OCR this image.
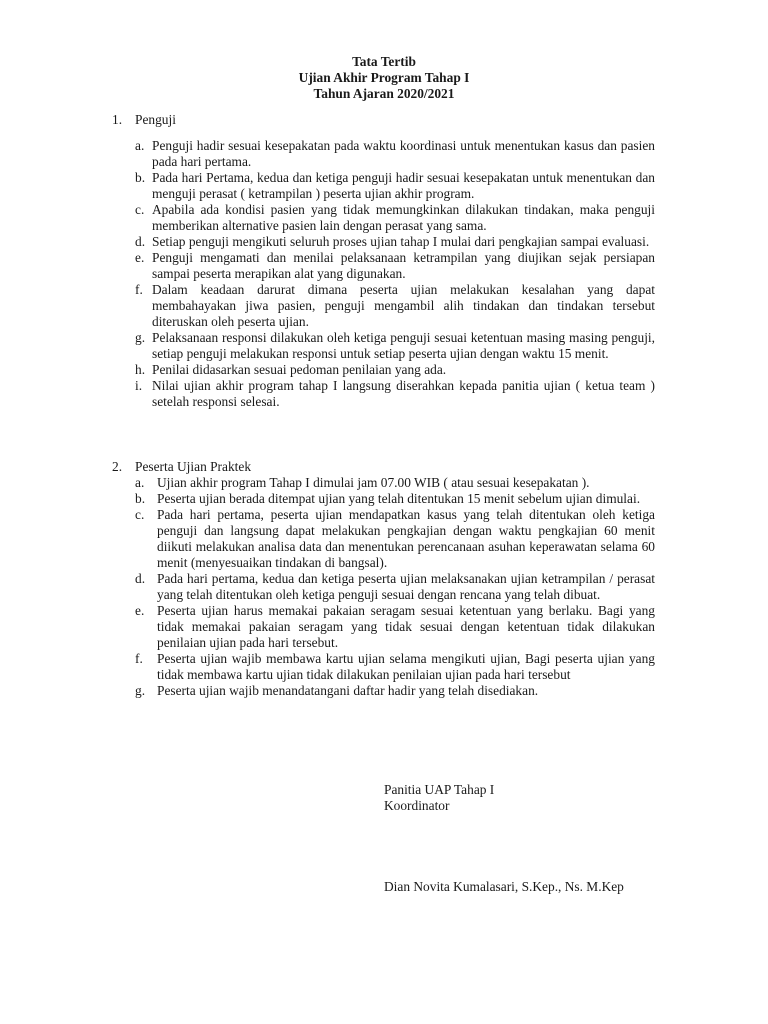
Tata Tertib
Ujian Akhir Program Tahap I
Tahun Ajaran 2020/2021
1. Penguji
a. Penguji hadir sesuai kesepakatan pada waktu koordinasi untuk menentukan kasus dan pasien pada hari pertama.
b. Pada hari Pertama, kedua dan ketiga penguji hadir sesuai kesepakatan untuk menentukan dan menguji perasat ( ketrampilan ) peserta ujian akhir program.
c. Apabila ada kondisi pasien yang tidak memungkinkan dilakukan tindakan, maka penguji memberikan alternative pasien lain dengan perasat yang sama.
d. Setiap penguji mengikuti seluruh proses ujian tahap I mulai dari pengkajian sampai evaluasi.
e. Penguji mengamati dan menilai pelaksanaan ketrampilan yang diujikan sejak persiapan sampai peserta merapikan alat yang digunakan.
f. Dalam keadaan darurat dimana peserta ujian melakukan kesalahan yang dapat membahayakan jiwa pasien, penguji mengambil alih tindakan dan tindakan tersebut diteruskan oleh peserta ujian.
g. Pelaksanaan responsi dilakukan oleh ketiga penguji sesuai ketentuan masing masing penguji, setiap penguji melakukan responsi untuk setiap peserta ujian dengan waktu 15 menit.
h. Penilai didasarkan sesuai pedoman penilaian yang ada.
i. Nilai ujian akhir program tahap I langsung diserahkan kepada panitia ujian ( ketua team ) setelah responsi selesai.
2. Peserta Ujian Praktek
a. Ujian akhir program Tahap I dimulai jam 07.00 WIB ( atau sesuai kesepakatan ).
b. Peserta ujian berada ditempat ujian yang telah ditentukan 15 menit sebelum ujian dimulai.
c. Pada hari pertama, peserta ujian mendapatkan kasus yang telah ditentukan oleh ketiga penguji dan langsung dapat melakukan pengkajian dengan waktu pengkajian 60 menit diikuti melakukan analisa data dan menentukan perencanaan asuhan keperawatan selama 60 menit (menyesuaikan tindakan di bangsal).
d. Pada hari pertama, kedua dan ketiga peserta ujian melaksanakan ujian ketrampilan / perasat yang telah ditentukan oleh ketiga penguji sesuai dengan rencana yang telah dibuat.
e. Peserta ujian harus memakai pakaian seragam sesuai ketentuan yang berlaku. Bagi yang tidak memakai pakaian seragam yang tidak sesuai dengan ketentuan tidak dilakukan penilaian ujian pada hari tersebut.
f. Peserta ujian wajib membawa kartu ujian selama mengikuti ujian, Bagi peserta ujian yang tidak membawa kartu ujian tidak dilakukan penilaian ujian pada hari tersebut
g. Peserta ujian wajib menandatangani daftar hadir yang telah disediakan.
Panitia UAP Tahap I
Koordinator
Dian Novita Kumalasari, S.Kep., Ns. M.Kep
